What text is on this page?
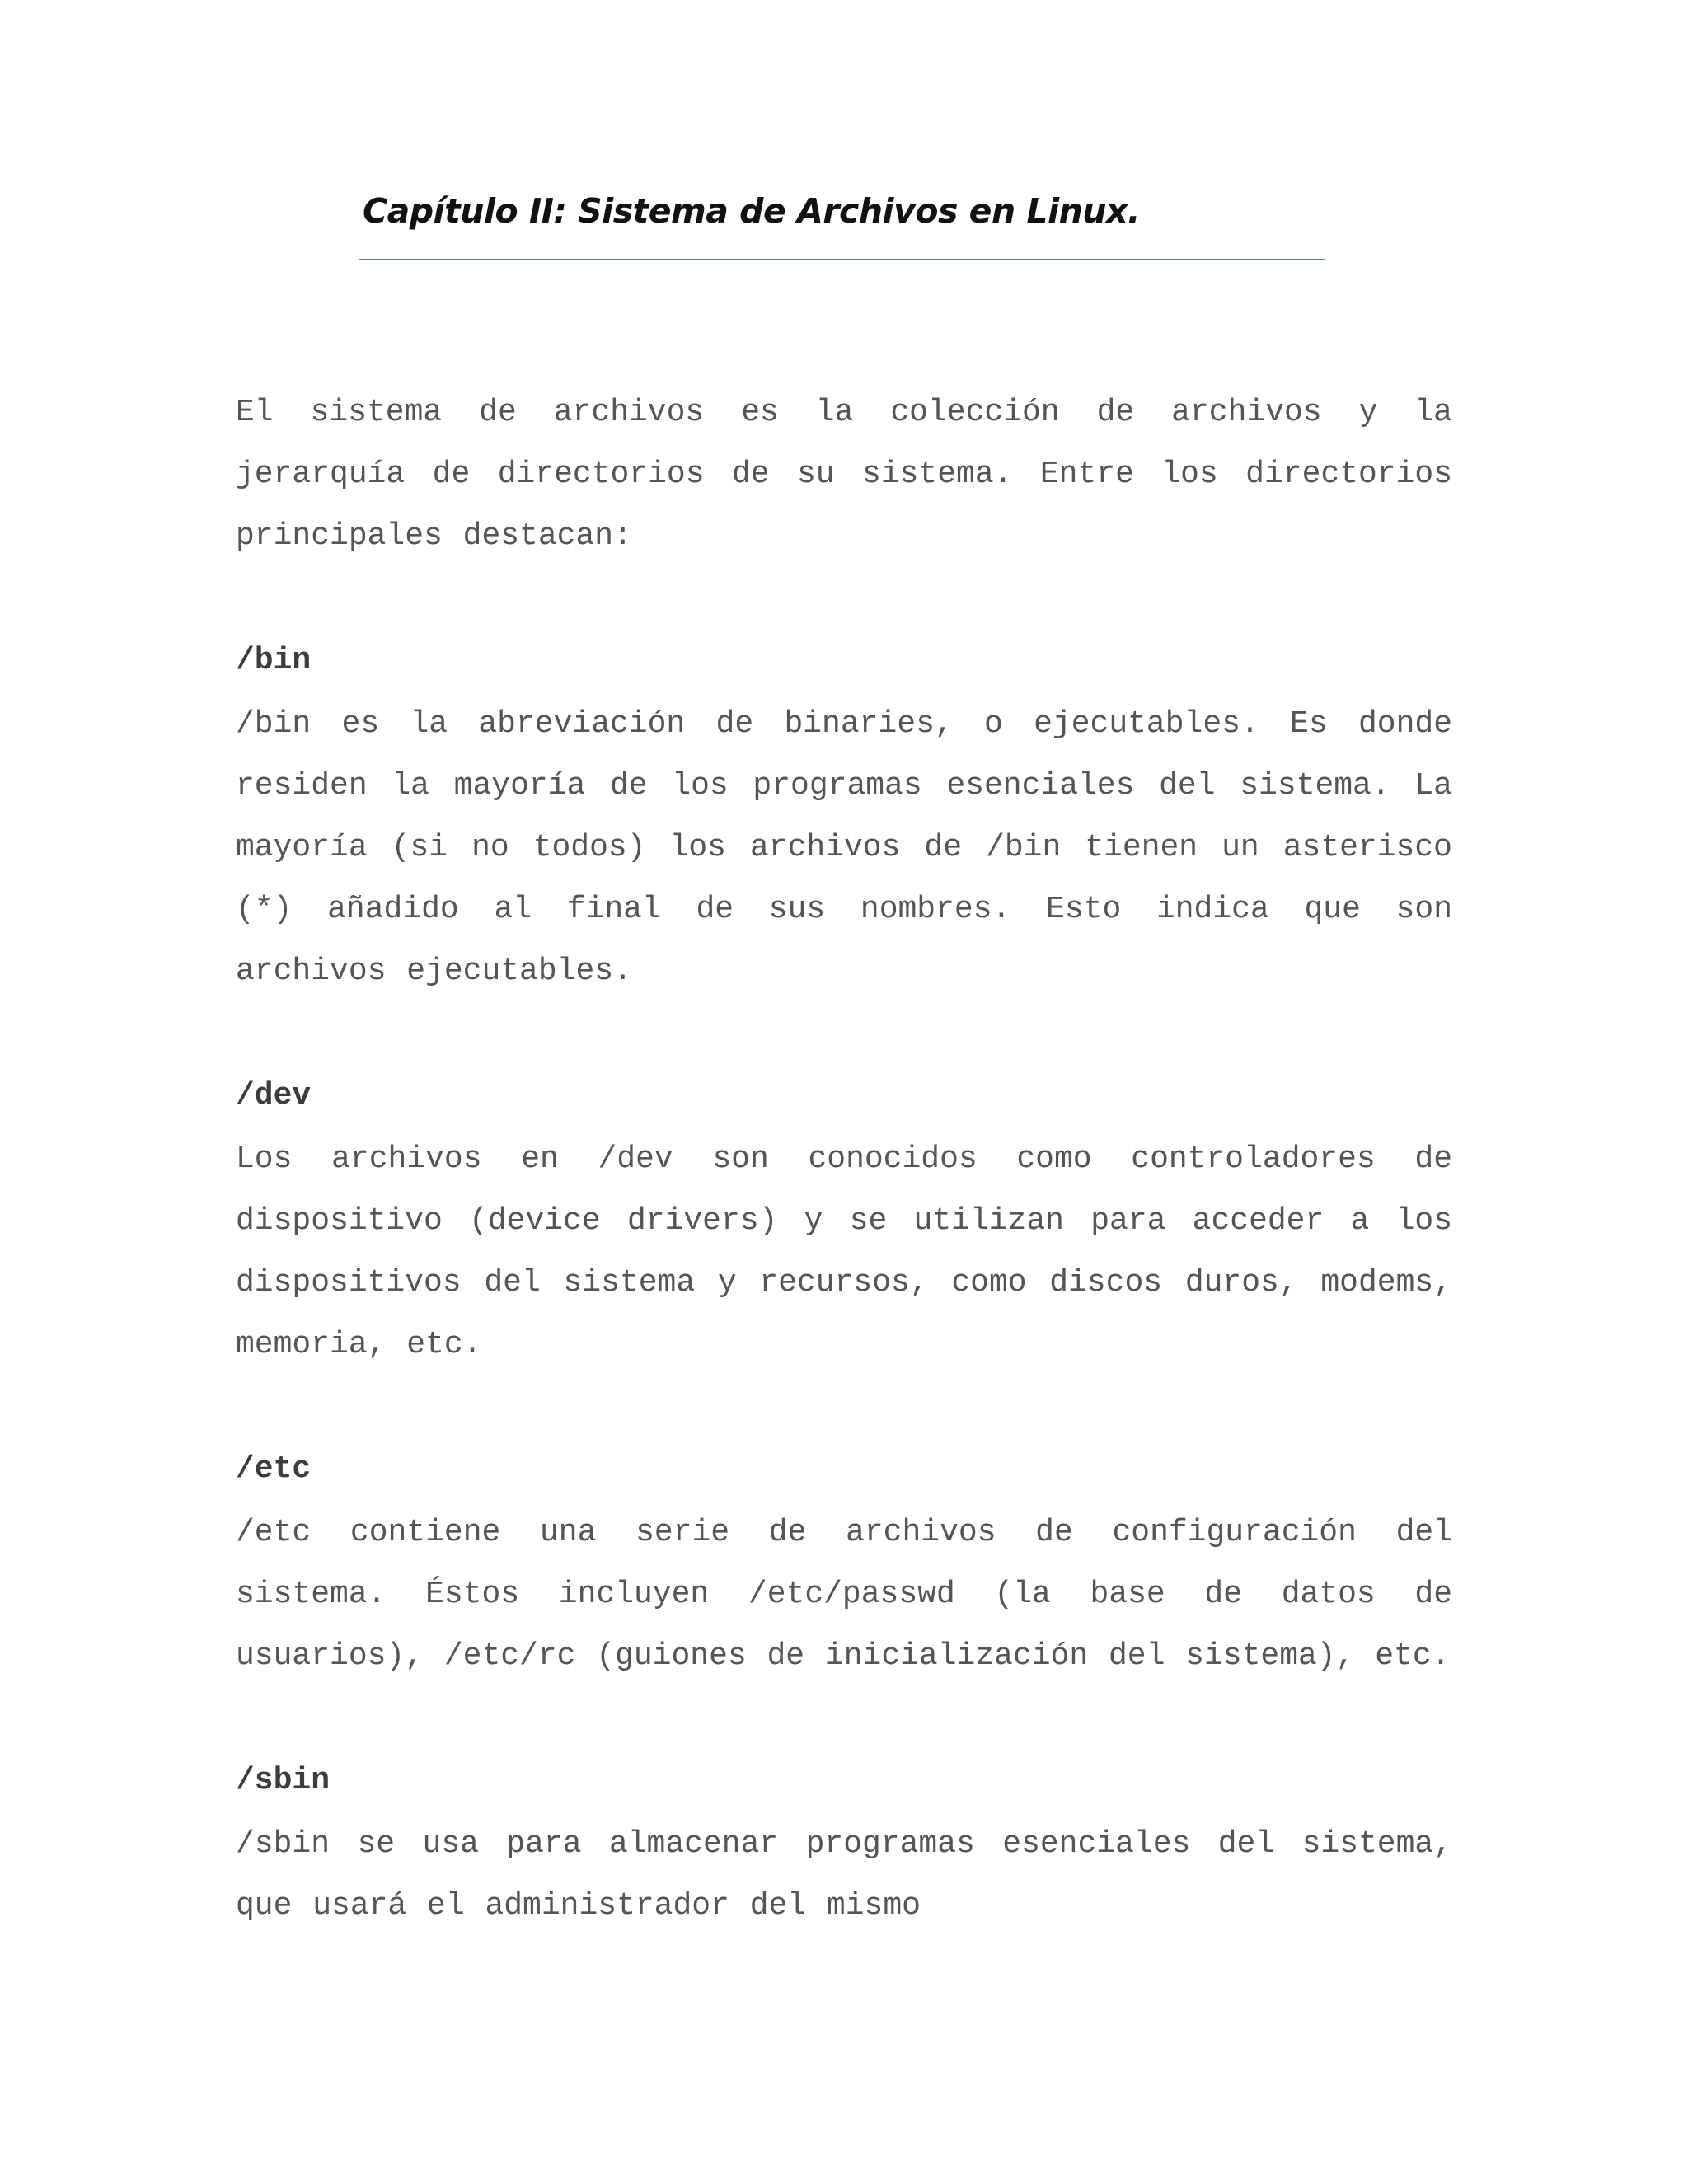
Capítulo II: Sistema de Archivos en Linux.

El sistema de archivos es la colección de archivos y la jerarquía de directorios de su sistema. Entre los directorios principales destacan:

/bin

/bin es la abreviación de binaries, o ejecutables. Es donde residen la mayoría de los programas esenciales del sistema. La mayoría (si no todos) los archivos de /bin tienen un asterisco (*) añadido al final de sus nombres. Esto indica que son archivos ejecutables.

/dev

Los archivos en /dev son conocidos como controladores de dispositivo (device drivers) y se utilizan para acceder a los dispositivos del sistema y recursos, como discos duros, modems, memoria, etc.

/etc

/etc contiene una serie de archivos de configuración del sistema. Éstos incluyen /etc/passwd (la base de datos de usuarios), /etc/rc (guiones de inicialización del sistema), etc.

/sbin

/sbin se usa para almacenar programas esenciales del sistema, que usará el administrador del mismo
